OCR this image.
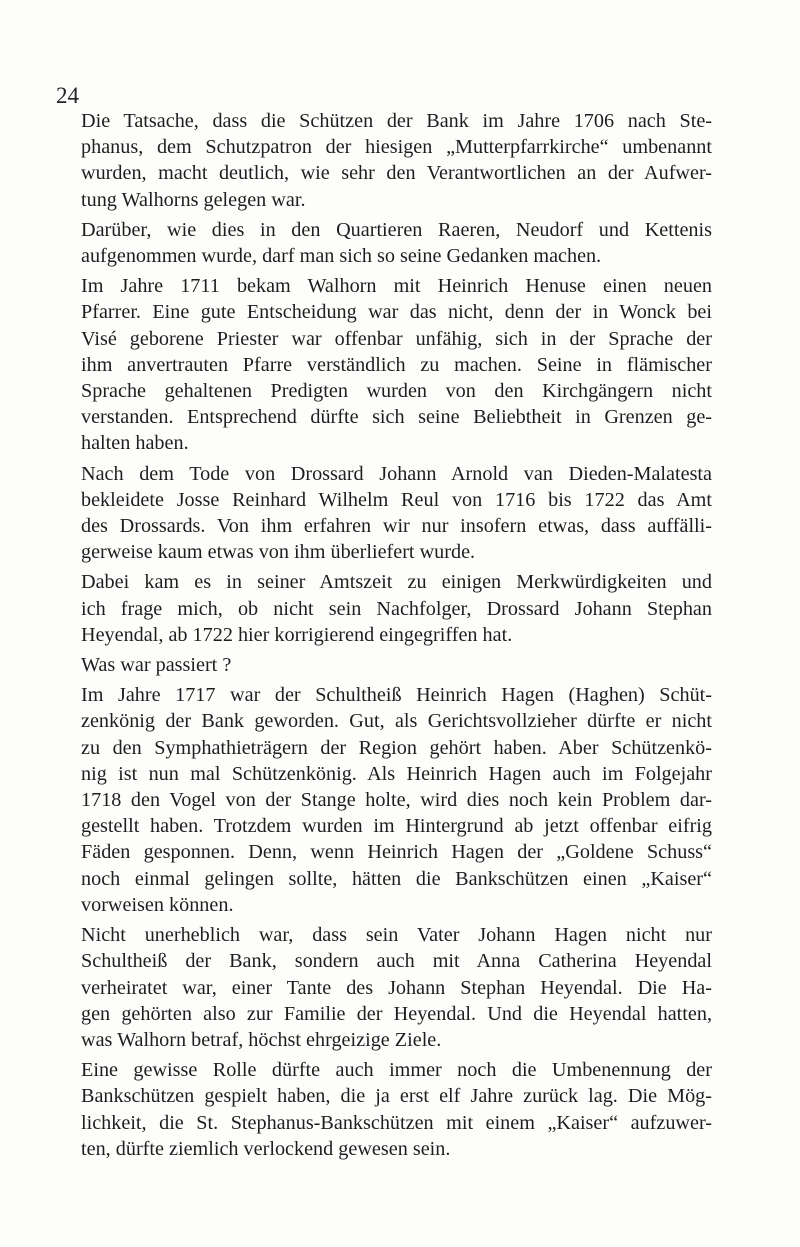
24

Die Tatsache, dass die Schützen der Bank im Jahre 1706 nach Ste-
phanus, dem Schutzpatron der hiesigen „Mutterpfarrkirche“ umbenannt
wurden, macht deutlich, wie sehr den Verantwortlichen an der Aufwer-
tung Walhorns gelegen war.

Darüber, wie dies in den Quartieren Raeren, Neudorf und Kettenis
aufgenommen wurde, darf man sich so seine Gedanken machen.

Im Jahre 1711 bekam Walhorn mit Heinrich Henuse einen neuen
Pfarrer. Eine gute Entscheidung war das nicht, denn der in Wonck bei
Visé geborene Priester war offenbar unfähig, sich in der Sprache der
ihm anvertrauten Pfarre verständlich zu machen. Seine in flämischer
Sprache gehaltenen Predigten wurden von den Kirchgängern nicht
verstanden. Entsprechend dürfte sich seine Beliebtheit in Grenzen ge-
halten haben.

Nach dem Tode von Drossard Johann Arnold van Dieden-Malatesta
bekleidete Josse Reinhard Wilhelm Reul von 1716 bis 1722 das Amt
des Drossards. Von ihm erfahren wir nur insofern etwas, dass auffälli-
gerweise kaum etwas von ihm überliefert wurde.

Dabei kam es in seiner Amtszeit zu einigen Merkwürdigkeiten und
ich frage mich, ob nicht sein Nachfolger, Drossard Johann Stephan
Heyendal, ab 1722 hier korrigierend eingegriffen hat.

Was war passiert ?

Im Jahre 1717 war der Schultheiß Heinrich Hagen (Haghen) Schüt-
zenkönig der Bank geworden. Gut, als Gerichtsvollzieher dürfte er nicht
zu den Symphathieträgern der Region gehört haben. Aber Schützenkö-
nig ist nun mal Schützenkönig. Als Heinrich Hagen auch im Folgejahr
1718 den Vogel von der Stange holte, wird dies noch kein Problem dar-
gestellt haben. Trotzdem wurden im Hintergrund ab jetzt offenbar eifrig
Fäden gesponnen. Denn, wenn Heinrich Hagen der „Goldene Schuss“
noch einmal gelingen sollte, hätten die Bankschützen einen „Kaiser“
vorweisen können.

Nicht unerheblich war, dass sein Vater Johann Hagen nicht nur
Schultheiß der Bank, sondern auch mit Anna Catherina Heyendal
verheiratet war, einer Tante des Johann Stephan Heyendal. Die Ha-
gen gehörten also zur Familie der Heyendal. Und die Heyendal hatten,
was Walhorn betraf, höchst ehrgeizige Ziele.

Eine gewisse Rolle dürfte auch immer noch die Umbenennung der
Bankschützen gespielt haben, die ja erst elf Jahre zurück lag. Die Mög-
lichkeit, die St. Stephanus-Bankschützen mit einem „Kaiser“ aufzuwer-
ten, dürfte ziemlich verlockend gewesen sein.
